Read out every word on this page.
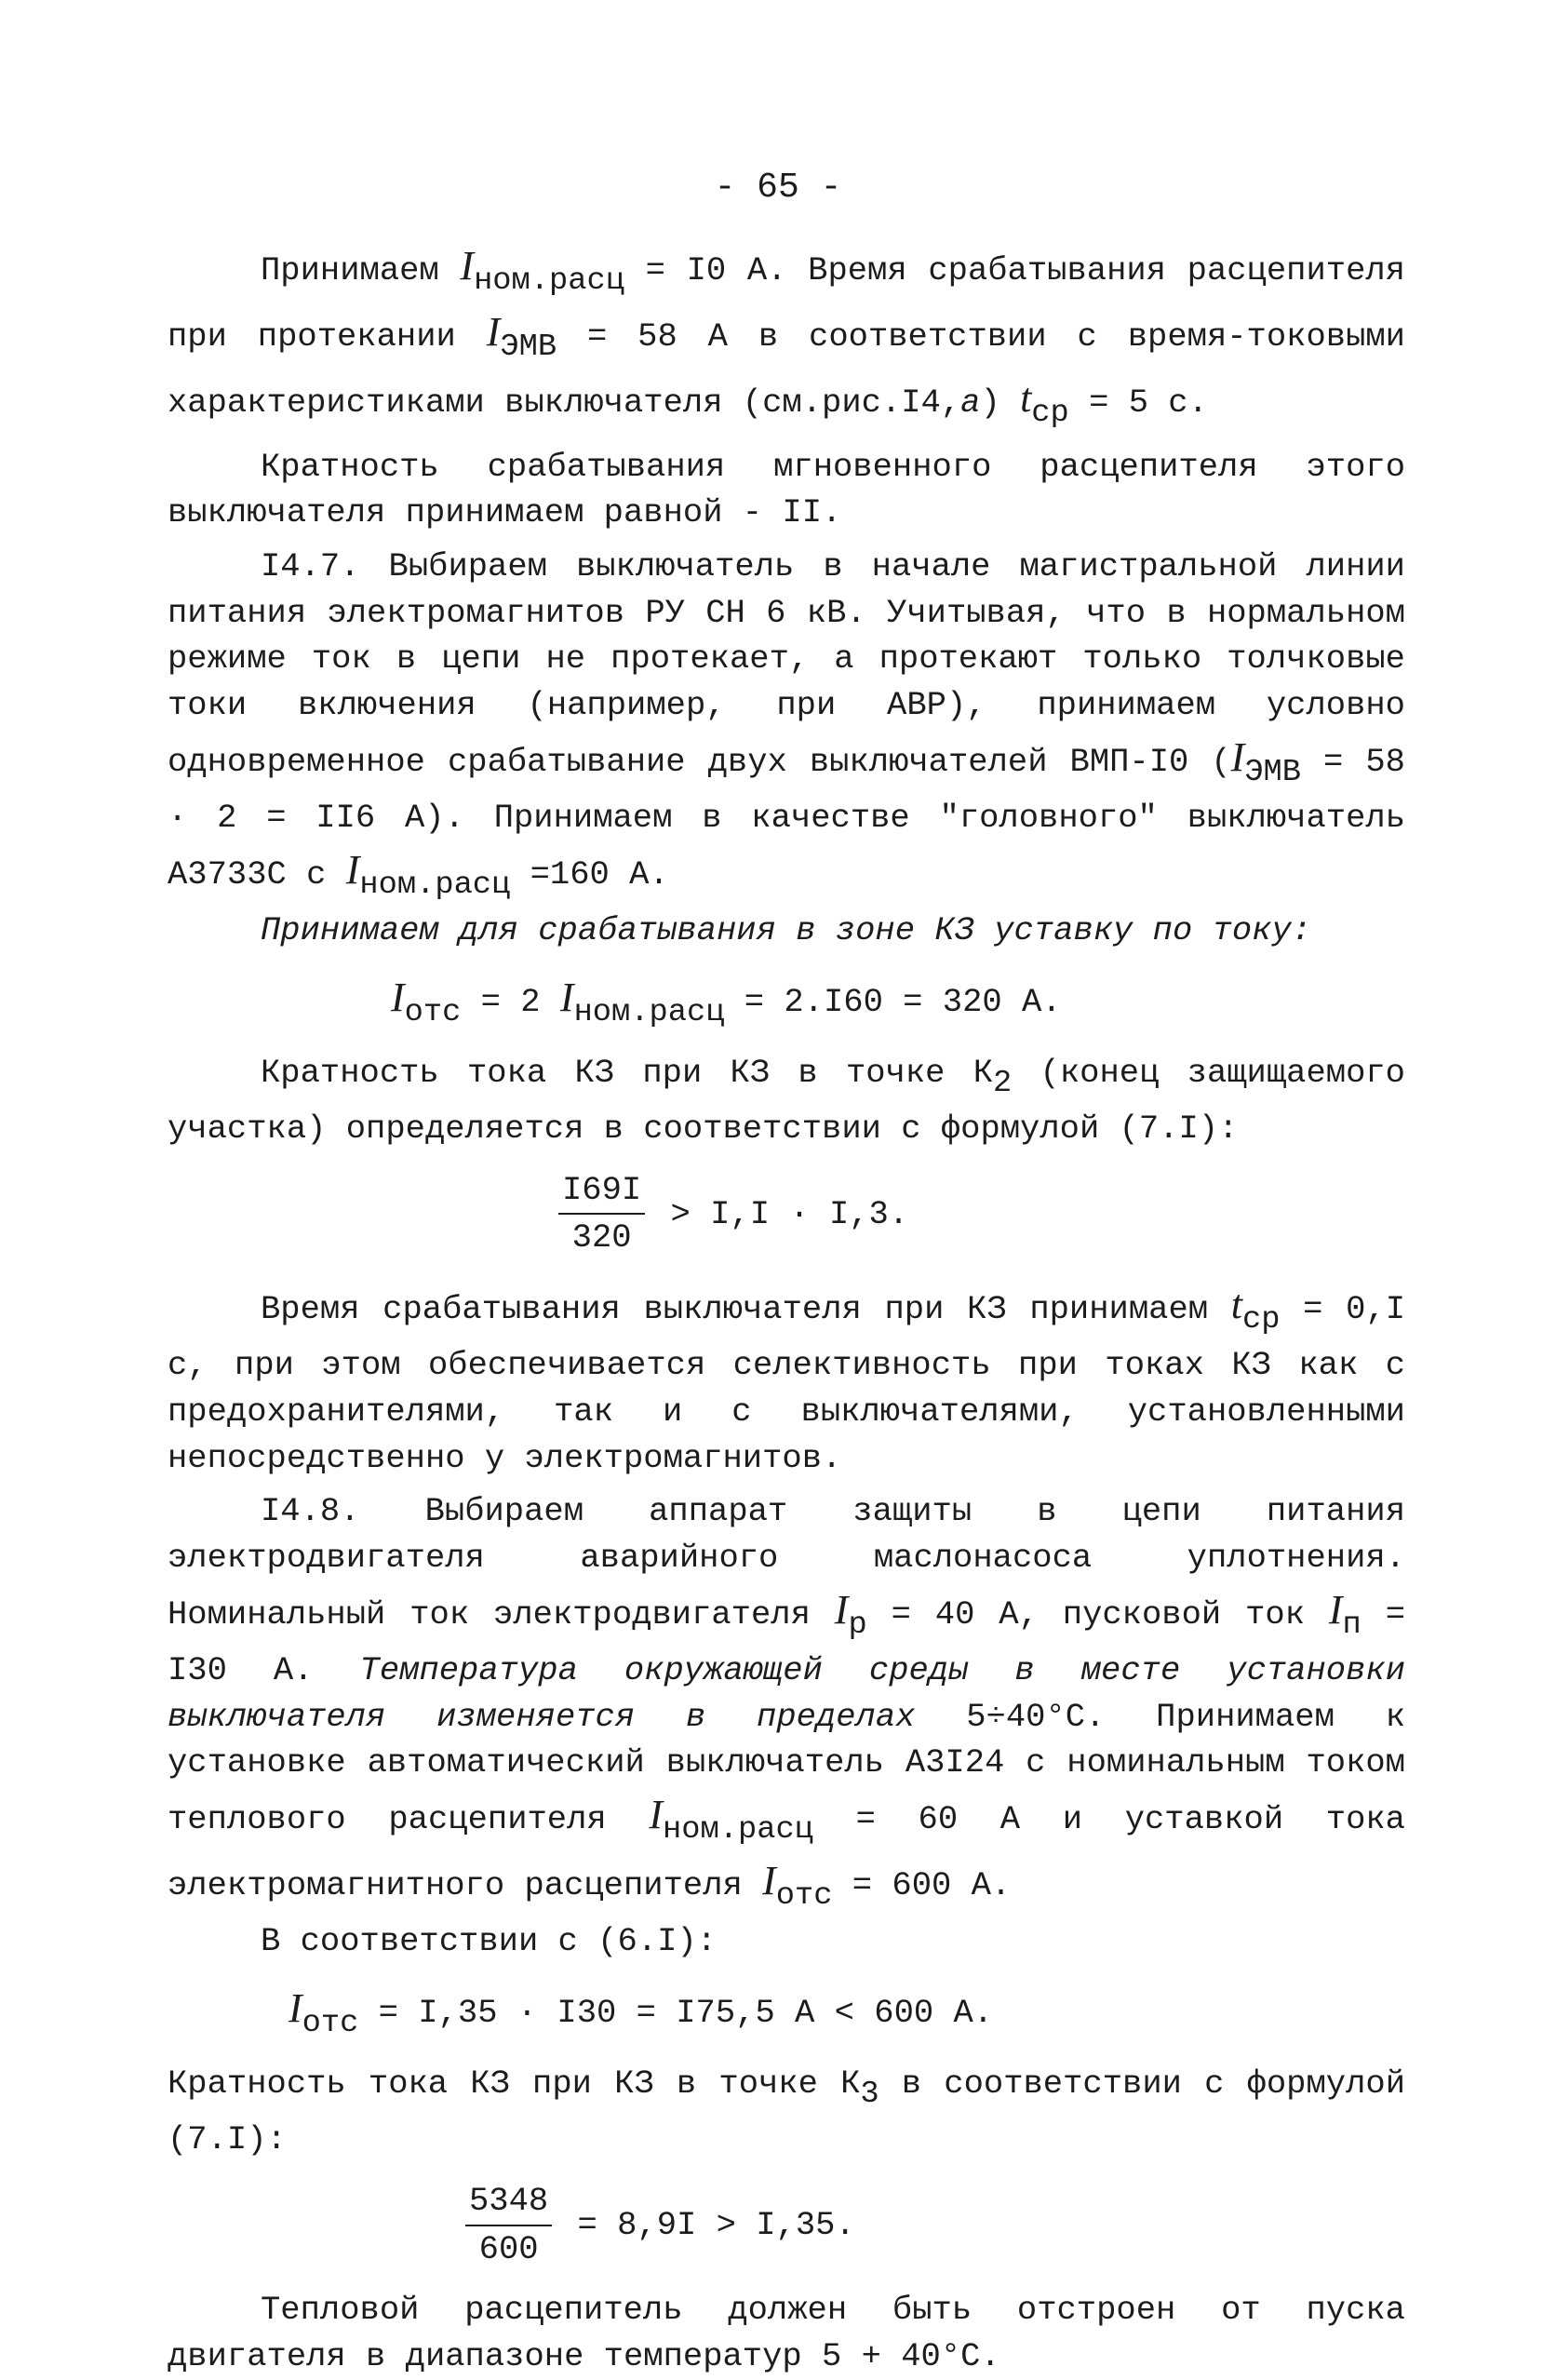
- 65 -

Принимаем Iном.расц = I0 А. Время срабатывания расцепителя при протекании IЭМВ = 58 А в соответствии с время-токовыми характеристиками выключателя (см.рис.I4,a) tср = 5 с.

Кратность срабатывания мгновенного расцепителя этого выключателя принимаем равной - II.

I4.7. Выбираем выключатель в начале магистральной линии питания электромагнитов РУ СН 6 кВ. Учитывая, что в нормальном режиме ток в цепи не протекает, а протекают только толчковые токи включения (например, при АВР), принимаем условно одновременное срабатывание двух выключателей ВМП-I0 (IЭМВ = 58 · 2 = II6 А). Принимаем в качестве "головного" выключатель А3733С с Iном.расц =160 А.

Принимаем для срабатывания в зоне КЗ уставку по току:

Iотс = 2 Iном.расц = 2.I60 = 320 А.

Кратность тока КЗ при КЗ в точке К2 (конец защищаемого участка) определяется в соответствии с формулой (7.I):

$\frac{I69I}{320} > I,I \cdot I,3$.

Время срабатывания выключателя при КЗ принимаем tср = 0,I с, при этом обеспечивается селективность при токах КЗ как с предохранителями, так и с выключателями, установленными непосредственно у электромагнитов.

I4.8. Выбираем аппарат защиты в цепи питания электродвигателя аварийного маслонасоса уплотнения. Номинальный ток электродвигателя Iр = 40 А, пусковой ток Iп = I30 А. Температура окружающей среды в месте установки выключателя изменяется в пределах 5÷40°С. Принимаем к установке автоматический выключатель А3I24 с номинальным током теплового расцепителя Iном.расц = 60 А и уставкой тока электромагнитного расцепителя Iотс = 600 А.

В соответствии с (6.I):

Iотс = I,35 · I30 = I75,5 А < 600 А.

Кратность тока КЗ при КЗ в точке К3 в соответствии с формулой (7.I):

$\frac{5348}{600} = 8,9I > I,35$.

Тепловой расцепитель должен быть отстроен от пуска двигателя в диапазоне температур 5 + 40°С.
